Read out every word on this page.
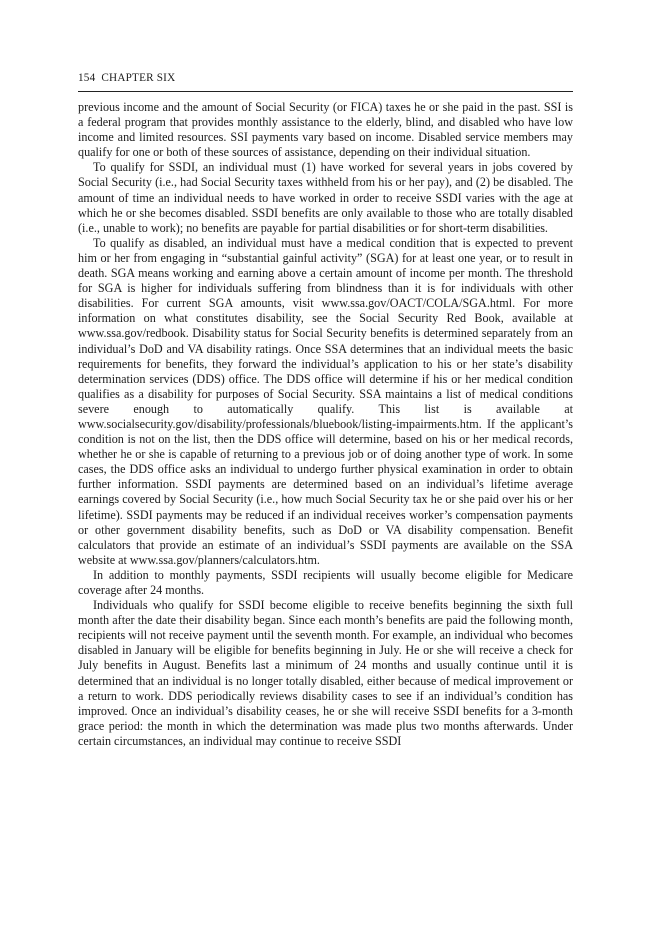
154 CHAPTER SIX

previous income and the amount of Social Security (or FICA) taxes he or she paid in the past. SSI is a federal program that provides monthly assistance to the elderly, blind, and disabled who have low income and limited resources. SSI payments vary based on income. Disabled service members may qualify for one or both of these sources of assistance, depending on their individual situation.

To qualify for SSDI, an individual must (1) have worked for several years in jobs covered by Social Security (i.e., had Social Security taxes withheld from his or her pay), and (2) be disabled. The amount of time an individual needs to have worked in order to receive SSDI varies with the age at which he or she becomes disabled. SSDI benefits are only available to those who are totally disabled (i.e., unable to work); no benefits are payable for partial disabilities or for short-term disabilities.

To qualify as disabled, an individual must have a medical condition that is expected to prevent him or her from engaging in “substantial gainful activity” (SGA) for at least one year, or to result in death. SGA means working and earning above a certain amount of income per month. The threshold for SGA is higher for individuals suffering from blindness than it is for individuals with other disabilities. For current SGA amounts, visit www.ssa.gov/OACT/COLA/SGA.html. For more information on what constitutes disability, see the Social Security Red Book, available at www.ssa.gov/redbook. Disability status for Social Security benefits is determined separately from an individual’s DoD and VA disability ratings. Once SSA determines that an individual meets the basic requirements for benefits, they forward the individual’s application to his or her state’s disability determination services (DDS) office. The DDS office will determine if his or her medical condition qualifies as a disability for purposes of Social Security. SSA maintains a list of medical conditions severe enough to automatically qualify. This list is available at www.socialsecurity.gov/disability/professionals/bluebook/listing-impairments.htm. If the applicant’s condition is not on the list, then the DDS office will determine, based on his or her medical records, whether he or she is capable of returning to a previous job or of doing another type of work. In some cases, the DDS office asks an individual to undergo further physical examination in order to obtain further information. SSDI payments are determined based on an individual’s lifetime average earnings covered by Social Security (i.e., how much Social Security tax he or she paid over his or her lifetime). SSDI payments may be reduced if an individual receives worker’s compensation payments or other government disability benefits, such as DoD or VA disability compensation. Benefit calculators that provide an estimate of an individual’s SSDI payments are available on the SSA website at www.ssa.gov/planners/calculators.htm.

In addition to monthly payments, SSDI recipients will usually become eligible for Medicare coverage after 24 months.

Individuals who qualify for SSDI become eligible to receive benefits beginning the sixth full month after the date their disability began. Since each month’s benefits are paid the following month, recipients will not receive payment until the seventh month. For example, an individual who becomes disabled in January will be eligible for benefits beginning in July. He or she will receive a check for July benefits in August. Benefits last a minimum of 24 months and usually continue until it is determined that an individual is no longer totally disabled, either because of medical improvement or a return to work. DDS periodically reviews disability cases to see if an individual’s condition has improved. Once an individual’s disability ceases, he or she will receive SSDI benefits for a 3-month grace period: the month in which the determination was made plus two months afterwards. Under certain circumstances, an individual may continue to receive SSDI
